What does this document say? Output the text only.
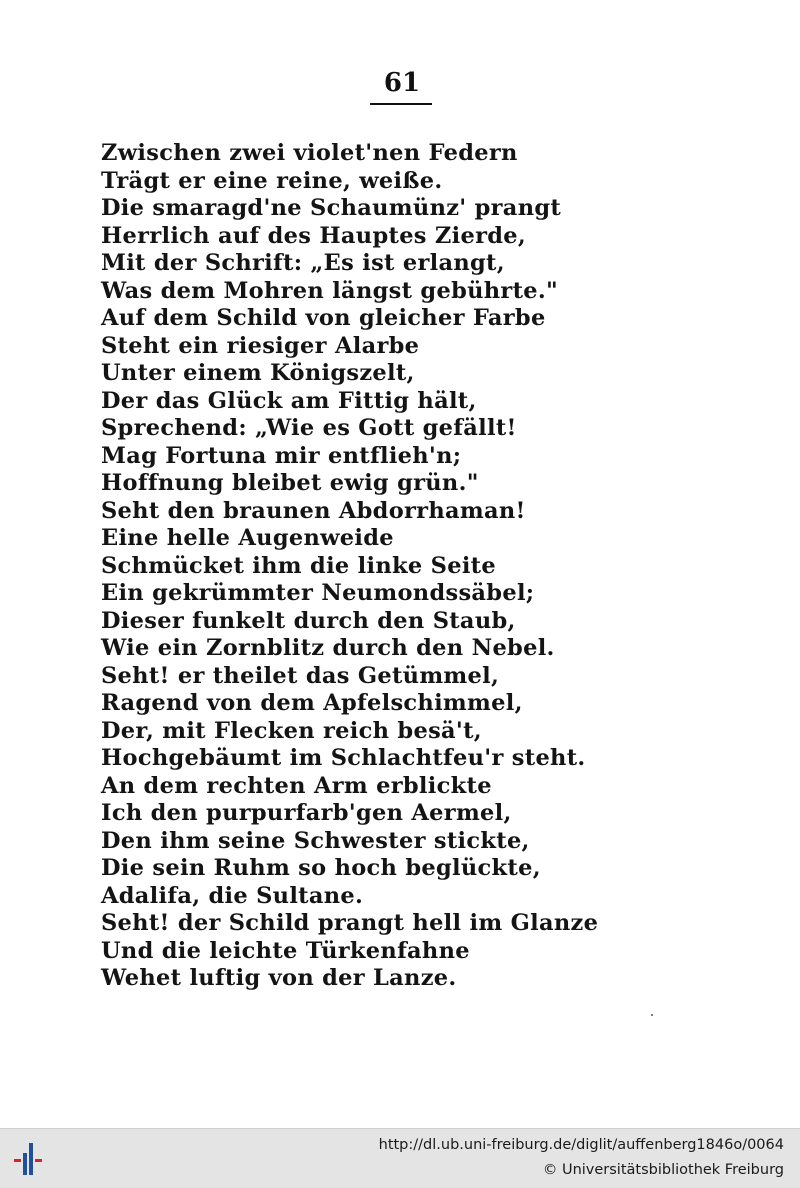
61
Zwischen zwei violet'nen Federn
Trägt er eine reine, weiße.
Die smaragd'ne Schaumünz' prangt
Herrlich auf des Hauptes Zierde,
Mit der Schrift: „Es ist erlangt,
Was dem Mohren längst gebührte."
Auf dem Schild von gleicher Farbe
Steht ein riesiger Alarbe
Unter einem Königszelt,
Der das Glück am Fittig hält,
Sprechend: „Wie es Gott gefällt!
Mag Fortuna mir entflieh'n;
Hoffnung bleibet ewig grün."
Seht den braunen Abdorrhaman!
Eine helle Augenweide
Schmücket ihm die linke Seite
Ein gekrümmter Neumondssäbel;
Dieser funkelt durch den Staub,
Wie ein Zornblitz durch den Nebel.
Seht! er theilet das Getümmel,
Ragend von dem Apfelschimmel,
Der, mit Flecken reich besä't,
Hochgebäumt im Schlachtfeu'r steht.
An dem rechten Arm erblickte
Ich den purpurfarb'gen Aermel,
Den ihm seine Schwester stickte,
Die sein Ruhm so hoch beglückte,
Adalifa, die Sultane.
Seht! der Schild prangt hell im Glanze
Und die leichte Türkenfahne
Wehet luftig von der Lanze.
http://dl.ub.uni-freiburg.de/diglit/auffenberg1846o/0064
© Universitätsbibliothek Freiburg
